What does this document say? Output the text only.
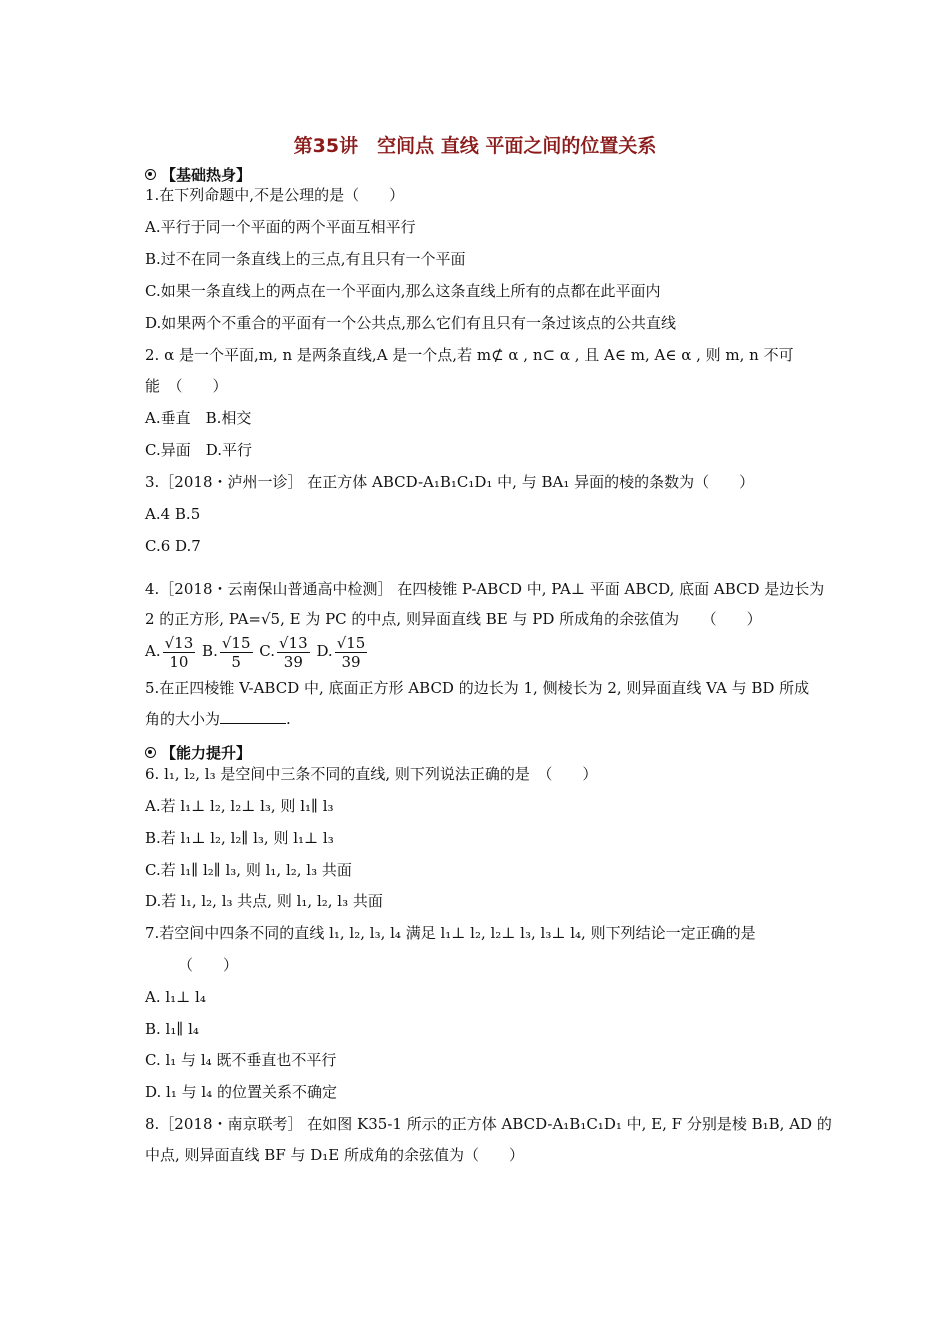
第35讲　空间点 直线 平面之间的位置关系
【基础热身】
1.在下列命题中,不是公理的是（　　）
A.平行于同一个平面的两个平面互相平行
B.过不在同一条直线上的三点,有且只有一个平面
C.如果一条直线上的两点在一个平面内,那么这条直线上所有的点都在此平面内
D.如果两个不重合的平面有一个公共点,那么它们有且只有一条过该点的公共直线
2. α 是一个平面,m, n 是两条直线,A 是一个点,若 m⊄ α , n⊂ α , 且 A∈ m, A∈ α , 则 m, n 不可
能　（　　）
A.垂直　B.相交
C.异面　D.平行
3.［2018・泸州一诊］ 在正方体 ABCD-A₁B₁C₁D₁ 中, 与 BA₁ 异面的棱的条数为（　　）
A.4 B.5
C.6 D.7
4.［2018・云南保山普通高中检测］ 在四棱锥 P-ABCD 中, PA⊥ 平面 ABCD, 底面 ABCD 是边长为
2 的正方形, PA=√5, E 为 PC 的中点, 则异面直线 BE 与 PD 所成角的余弦值为　　（　　）
A. $\frac{√13}{10} B$. $\frac{√15}{5} C$. $\frac{√13}{39} D$. $\frac{√15}{39}$
5.在正四棱锥 V-ABCD 中, 底面正方形 ABCD 的边长为 1, 侧棱长为 2, 则异面直线 VA 与 BD 所成
角的大小为	.
【能力提升】
6. l₁, l₂, l₃ 是空间中三条不同的直线, 则下列说法正确的是　（　　）
A.若 l₁⊥ l₂, l₂⊥ l₃, 则 l₁∥ l₃
B.若 l₁⊥ l₂, l₂∥ l₃, 则 l₁⊥ l₃
C.若 l₁∥ l₂∥ l₃, 则 l₁, l₂, l₃ 共面
D.若 l₁, l₂, l₃ 共点, 则 l₁, l₂, l₃ 共面
7.若空间中四条不同的直线 l₁, l₂, l₃, l₄ 满足 l₁⊥ l₂, l₂⊥ l₃, l₃⊥ l₄, 则下列结论一定正确的是
（　　）
A. l₁⊥ l₄
B. l₁∥ l₄
C. l₁ 与 l₄ 既不垂直也不平行
D. l₁ 与 l₄ 的位置关系不确定
8.［2018・南京联考］ 在如图 K35-1 所示的正方体 ABCD-A₁B₁C₁D₁ 中, E, F 分别是棱 B₁B, AD 的
中点, 则异面直线 BF 与 D₁E 所成角的余弦值为（　　）
